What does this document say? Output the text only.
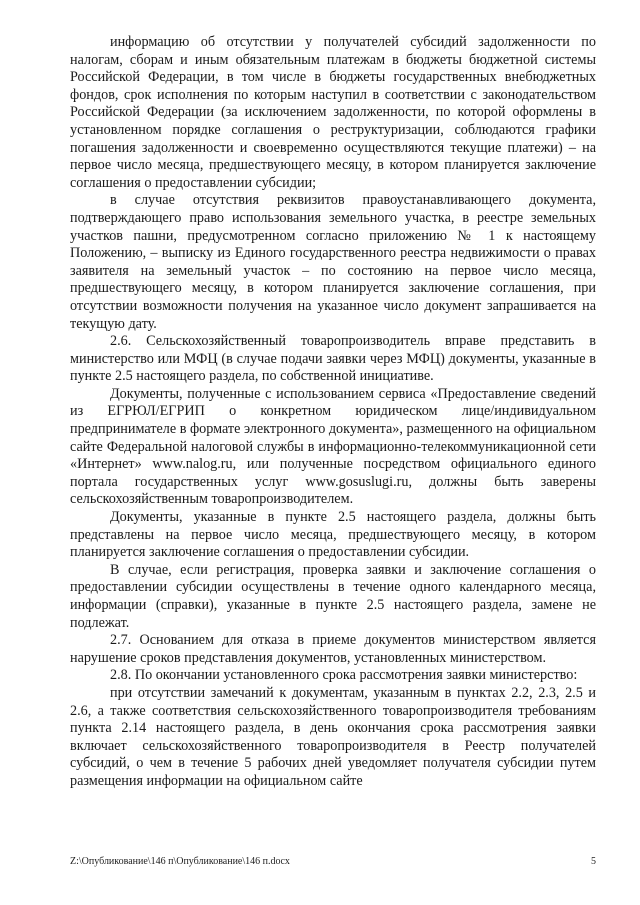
информацию об отсутствии у получателей субсидий задолженности по налогам, сборам и иным обязательным платежам в бюджеты бюджетной системы Российской Федерации, в том числе в бюджеты государственных внебюджетных фондов, срок исполнения по которым наступил в соответствии с законодательством Российской Федерации (за исключением задолженности, по которой оформлены в установленном порядке соглашения о реструктуризации, соблюдаются графики погашения задолженности и своевременно осуществляются текущие платежи) – на первое число месяца, предшествующего месяцу, в котором планируется заключение соглашения о предоставлении субсидии;

в случае отсутствия реквизитов правоустанавливающего документа, подтверждающего право использования земельного участка, в реестре земельных участков пашни, предусмотренном согласно приложению № 1 к настоящему Положению, – выписку из Единого государственного реестра недвижимости о правах заявителя на земельный участок – по состоянию на первое число месяца, предшествующего месяцу, в котором планируется заключение соглашения, при отсутствии возможности получения на указанное число документ запрашивается на текущую дату.

2.6. Сельскохозяйственный товаропроизводитель вправе представить в министерство или МФЦ (в случае подачи заявки через МФЦ) документы, указанные в пункте 2.5 настоящего раздела, по собственной инициативе.

Документы, полученные с использованием сервиса «Предоставление сведений из ЕГРЮЛ/ЕГРИП о конкретном юридическом лице/индивидуальном предпринимателе в формате электронного документа», размещенного на официальном сайте Федеральной налоговой службы в информационно-телекоммуникационной сети «Интернет» www.nalog.ru, или полученные посредством официального единого портала государственных услуг www.gosuslugi.ru, должны быть заверены сельскохозяйственным товаропроизводителем.

Документы, указанные в пункте 2.5 настоящего раздела, должны быть представлены на первое число месяца, предшествующего месяцу, в котором планируется заключение соглашения о предоставлении субсидии.

В случае, если регистрация, проверка заявки и заключение соглашения о предоставлении субсидии осуществлены в течение одного календарного месяца, информации (справки), указанные в пункте 2.5 настоящего раздела, замене не подлежат.

2.7. Основанием для отказа в приеме документов министерством является нарушение сроков представления документов, установленных министерством.

2.8. По окончании установленного срока рассмотрения заявки министерство:

при отсутствии замечаний к документам, указанным в пунктах 2.2, 2.3, 2.5 и 2.6, а также соответствия сельскохозяйственного товаропроизводителя требованиям пункта 2.14 настоящего раздела, в день окончания срока рассмотрения заявки включает сельскохозяйственного товаропроизводителя в Реестр получателей субсидий, о чем в течение 5 рабочих дней уведомляет получателя субсидии путем размещения информации на официальном сайте

Z:\Опубликование\146 п\Опубликование\146 п.docx	5
